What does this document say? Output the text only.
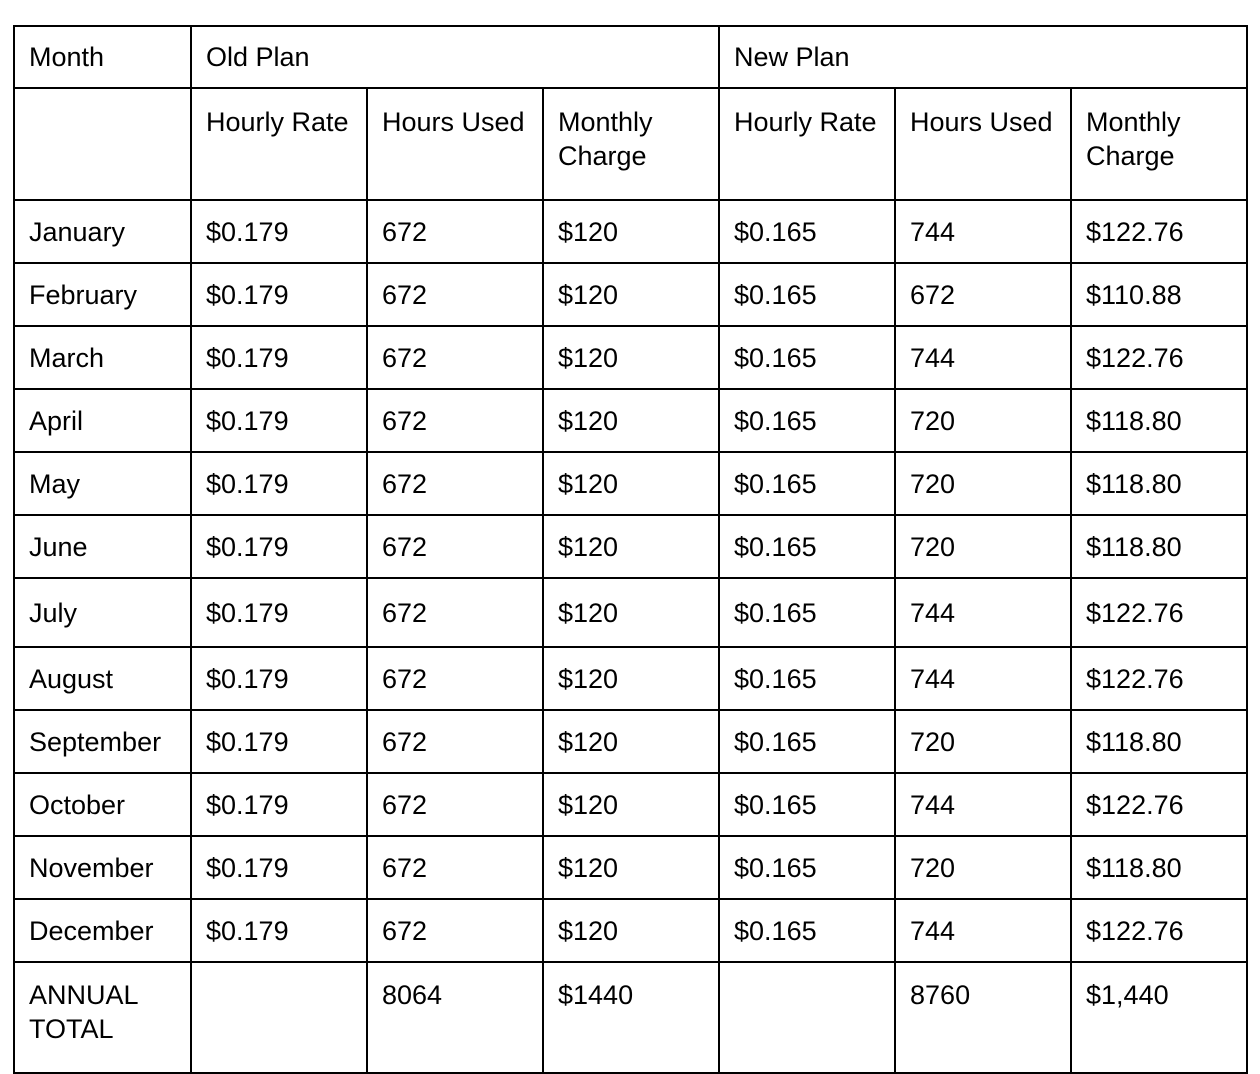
Month	Old Plan			New Plan		
	Hourly Rate	Hours Used	Monthly Charge	Hourly Rate	Hours Used	Monthly Charge
January	$0.179	672	$120	$0.165	744	$122.76
February	$0.179	672	$120	$0.165	672	$110.88
March	$0.179	672	$120	$0.165	744	$122.76
April	$0.179	672	$120	$0.165	720	$118.80
May	$0.179	672	$120	$0.165	720	$118.80
June	$0.179	672	$120	$0.165	720	$118.80
July	$0.179	672	$120	$0.165	744	$122.76
August	$0.179	672	$120	$0.165	744	$122.76
September	$0.179	672	$120	$0.165	720	$118.80
October	$0.179	672	$120	$0.165	744	$122.76
November	$0.179	672	$120	$0.165	720	$118.80
December	$0.179	672	$120	$0.165	744	$122.76
ANNUAL TOTAL		8064	$1440		8760	$1,440
